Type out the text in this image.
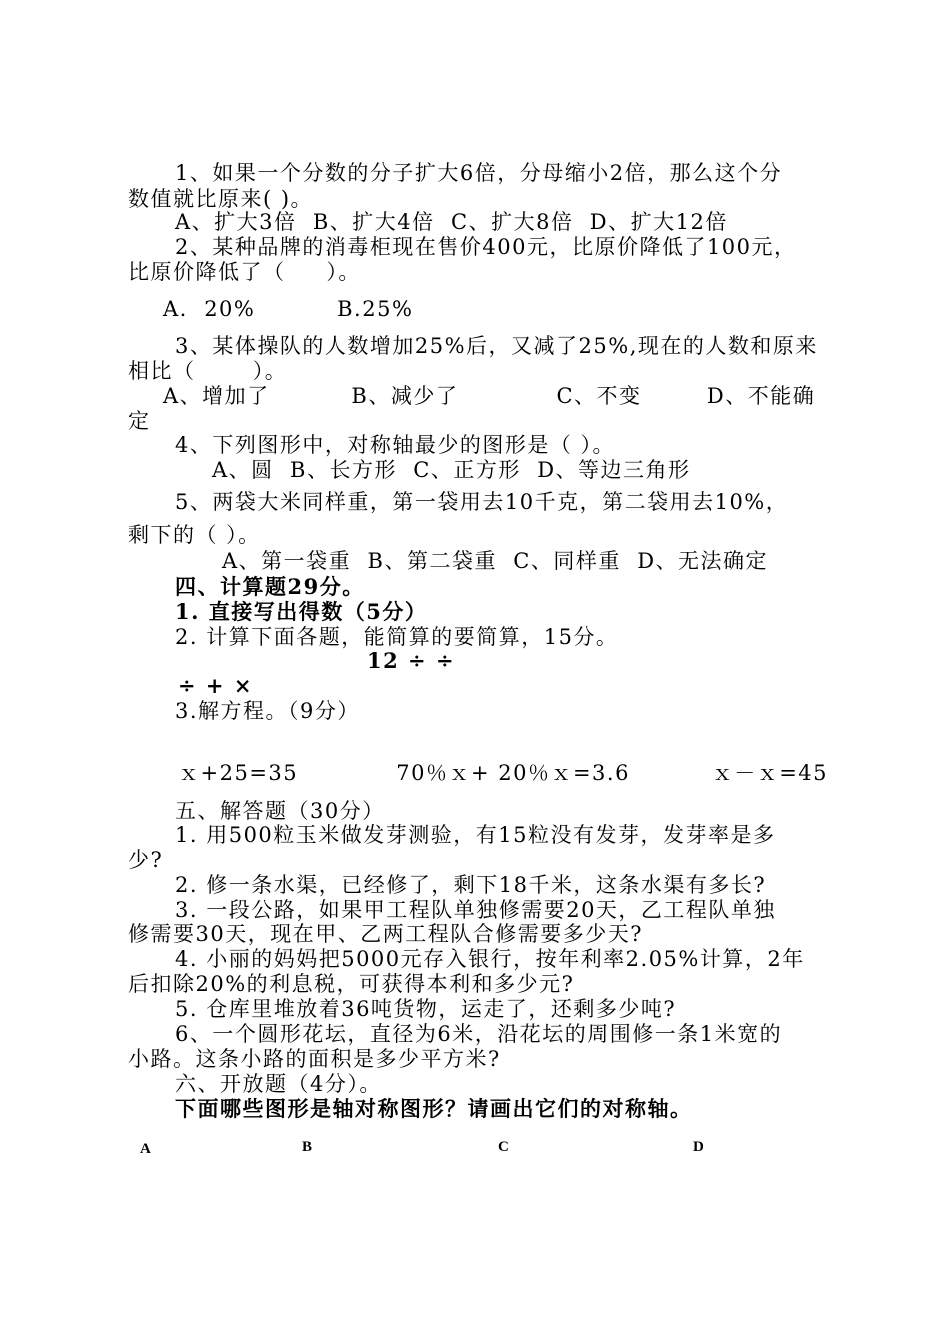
1、如果一个分数的分子扩大6倍，分母缩小2倍，那么这个分
数值就比原来( )。
A、扩大3倍  B、扩大4倍  C、扩大8倍  D、扩大12倍
2、某种品牌的消毒柜现在售价400元，比原价降低了100元，
比原价降低了（     ）。
A.  20%          B.25%
3、某体操队的人数增加25%后，又减了25%,现在的人数和原来
相比（       ）。
A、增加了          B、减少了            C、不变        D、不能确
定
4、下列图形中，对称轴最少的图形是（ ）。
A、圆  B、长方形  C、正方形  D、等边三角形
5、两袋大米同样重，第一袋用去10千克，第二袋用去10%，
剩下的（ ）。
A、第一袋重  B、第二袋重  C、同样重  D、无法确定
四、计算题29分。
1. 直接写出得数（5分）
2. 计算下面各题，能简算的要简算，15分。
12 ÷ ÷
÷ + ×
3.解方程。（9分）
ｘ+25=35            70％ｘ+ 20％ｘ=3.6          ｘ－ｘ=45
五、解答题（30分）
1. 用500粒玉米做发芽测验，有15粒没有发芽，发芽率是多
少?
2. 修一条水渠，已经修了，剩下18千米，这条水渠有多长?
3. 一段公路，如果甲工程队单独修需要20天，乙工程队单独
修需要30天，现在甲、乙两工程队合修需要多少天?
4. 小丽的妈妈把5000元存入银行，按年利率2.05%计算，2年
后扣除20%的利息税，可获得本利和多少元?
5. 仓库里堆放着36吨货物，运走了，还剩多少吨?
6、一个圆形花坛，直径为6米，沿花坛的周围修一条1米宽的
小路。这条小路的面积是多少平方米?
六、开放题（4分）。
下面哪些图形是轴对称图形？请画出它们的对称轴。
A	B	C	D
